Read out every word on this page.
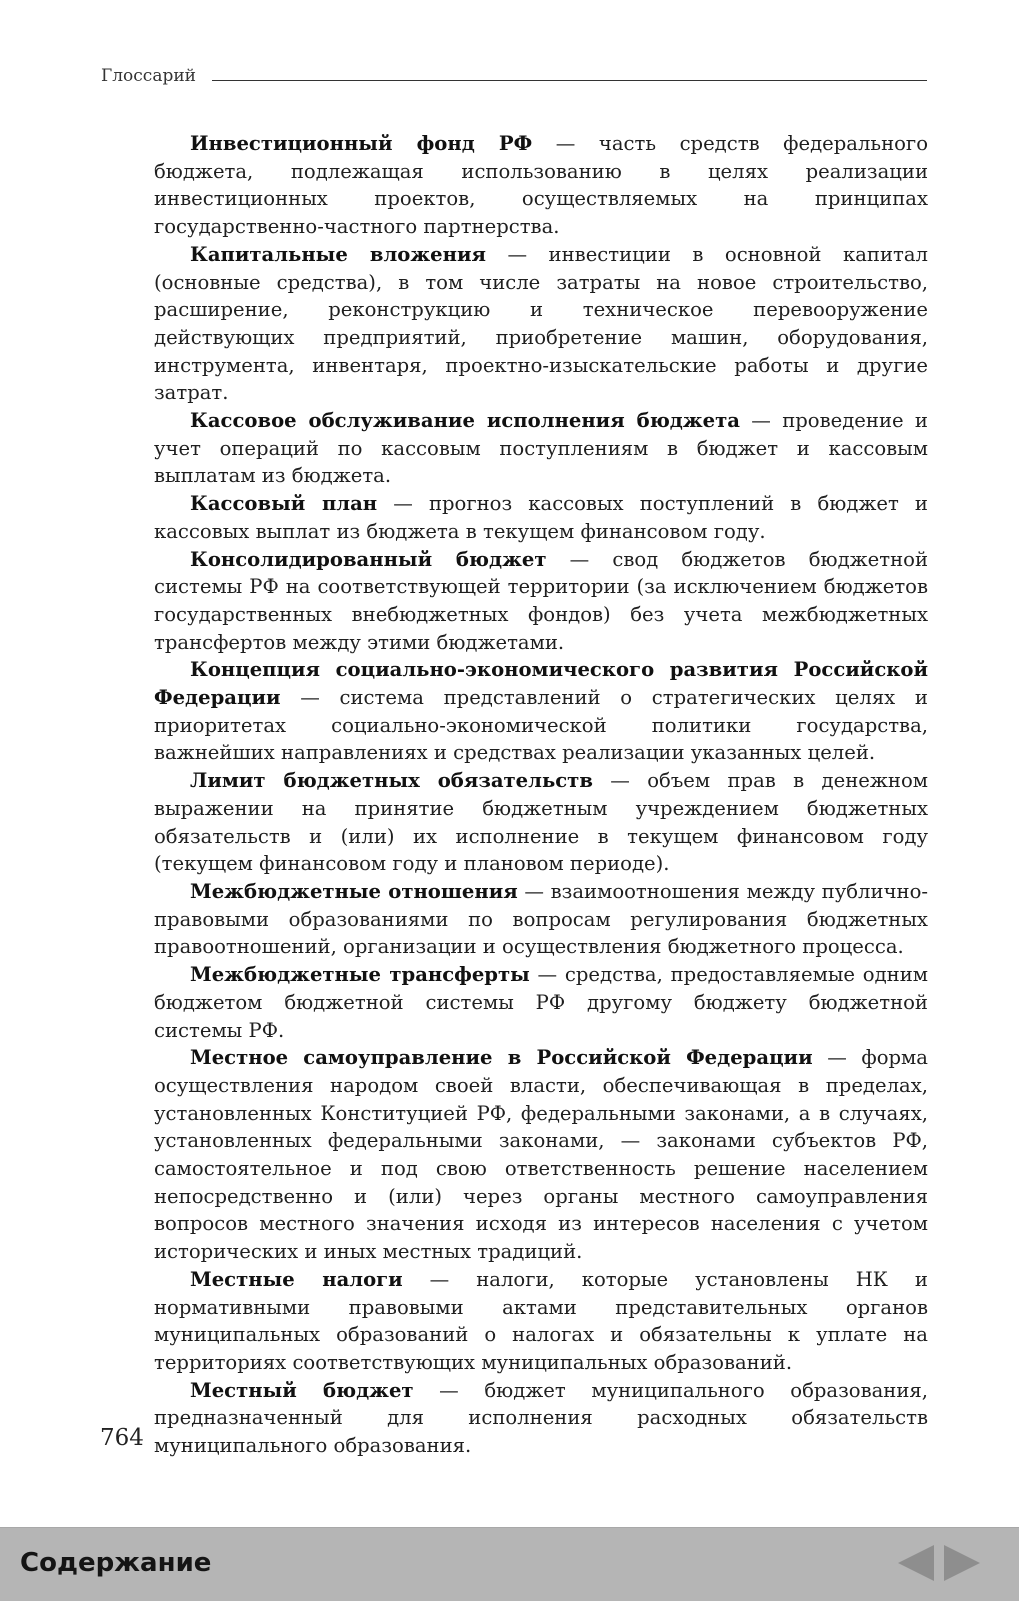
Глоссарий

Инвестиционный фонд РФ — часть средств федерального бюджета, подлежащая использованию в целях реализации инвестиционных проектов, осуществляемых на принципах государственно-частного партнерства.

Капитальные вложения — инвестиции в основной капитал (основные средства), в том числе затраты на новое строительство, расширение, реконструкцию и техническое перевооружение действующих предприятий, приобретение машин, оборудования, инструмента, инвентаря, проектно-изыскательские работы и другие затрат.

Кассовое обслуживание исполнения бюджета — проведение и учет операций по кассовым поступлениям в бюджет и кассовым выплатам из бюджета.

Кассовый план — прогноз кассовых поступлений в бюджет и кассовых выплат из бюджета в текущем финансовом году.

Консолидированный бюджет — свод бюджетов бюджетной системы РФ на соответствующей территории (за исключением бюджетов государственных внебюджетных фондов) без учета межбюджетных трансфертов между этими бюджетами.

Концепция социально-экономического развития Российской Федерации — система представлений о стратегических целях и приоритетах социально-экономической политики государства, важнейших направлениях и средствах реализации указанных целей.

Лимит бюджетных обязательств — объем прав в денежном выражении на принятие бюджетным учреждением бюджетных обязательств и (или) их исполнение в текущем финансовом году (текущем финансовом году и плановом периоде).

Межбюджетные отношения — взаимоотношения между публично-правовыми образованиями по вопросам регулирования бюджетных правоотношений, организации и осуществления бюджетного процесса.

Межбюджетные трансферты — средства, предоставляемые одним бюджетом бюджетной системы РФ другому бюджету бюджетной системы РФ.

Местное самоуправление в Российской Федерации — форма осуществления народом своей власти, обеспечивающая в пределах, установленных Конституцией РФ, федеральными законами, а в случаях, установленных федеральными законами, — законами субъектов РФ, самостоятельное и под свою ответственность решение населением непосредственно и (или) через органы местного самоуправления вопросов местного значения исходя из интересов населения с учетом исторических и иных местных традиций.

Местные налоги — налоги, которые установлены НК и нормативными правовыми актами представительных органов муниципальных образований о налогах и обязательны к уплате на территориях соответствующих муниципальных образований.

Местный бюджет — бюджет муниципального образования, предназначенный для исполнения расходных обязательств муниципального образования.

764
Содержание
